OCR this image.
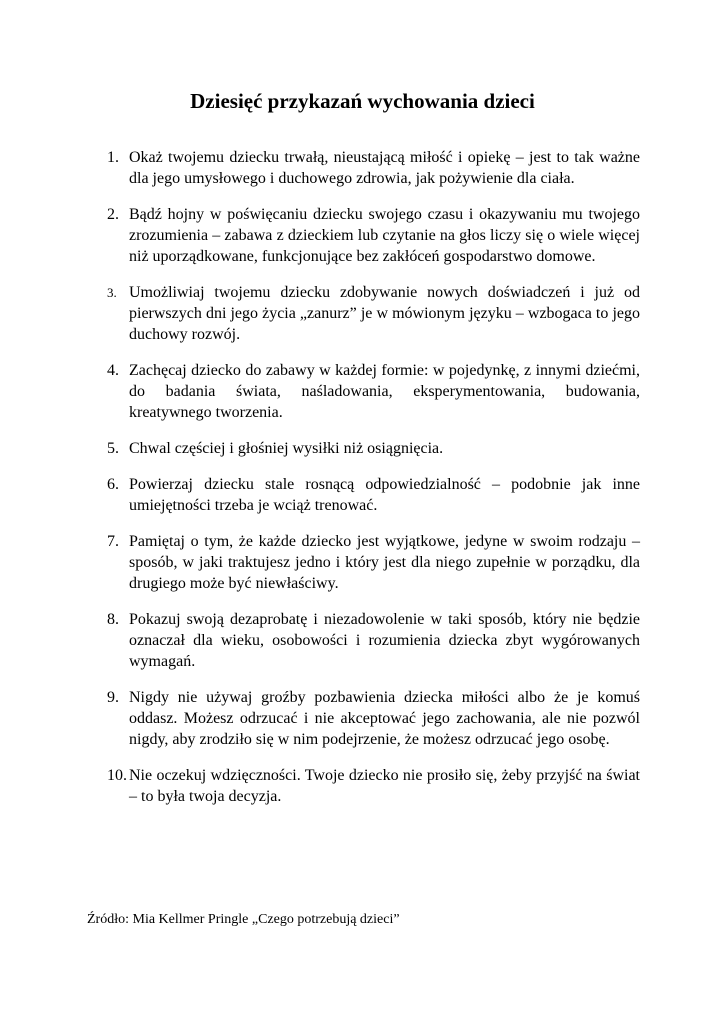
Dziesięć przykazań wychowania dzieci
1. Okaż twojemu dziecku trwałą, nieustającą miłość i opiekę – jest to tak ważne dla jego umysłowego i duchowego zdrowia, jak pożywienie dla ciała.
2. Bądź hojny w poświęcaniu dziecku swojego czasu i okazywaniu mu twojego zrozumienia – zabawa z dzieckiem lub czytanie na głos liczy się o wiele więcej niż uporządkowane, funkcjonujące bez zakłóceń gospodarstwo domowe.
3. Umożliwiaj twojemu dziecku zdobywanie nowych doświadczeń i już od pierwszych dni jego życia „zanurz” je w mówionym języku – wzbogaca to jego duchowy rozwój.
4. Zachęcaj dziecko do zabawy w każdej formie: w pojedynkę, z innymi dziećmi, do badania świata, naśladowania, eksperymentowania, budowania, kreatywnego tworzenia.
5. Chwal częściej i głośniej wysiłki niż osiągnięcia.
6. Powierzaj dziecku stale rosnącą odpowiedzialność – podobnie jak inne umiejętności trzeba je wciąż trenować.
7. Pamiętaj o tym, że każde dziecko jest wyjątkowe, jedyne w swoim rodzaju – sposób, w jaki traktujesz jedno i który jest dla niego zupełnie w porządku, dla drugiego może być niewłaściwy.
8. Pokazuj swoją dezaprobatę i niezadowolenie w taki sposób, który nie będzie oznaczał dla wieku, osobowości i rozumienia dziecka zbyt wygórowanych wymagań.
9. Nigdy nie używaj groźby pozbawienia dziecka miłości albo że je komuś oddasz. Możesz odrzucać i nie akceptować jego zachowania, ale nie pozwól nigdy, aby zrodziło się w nim podejrzenie, że możesz odrzucać jego osobę.
10. Nie oczekuj wdzięczności. Twoje dziecko nie prosiło się, żeby przyjść na świat – to była twoja decyzja.

Źródło: Mia Kellmer Pringle „Czego potrzebują dzieci”
